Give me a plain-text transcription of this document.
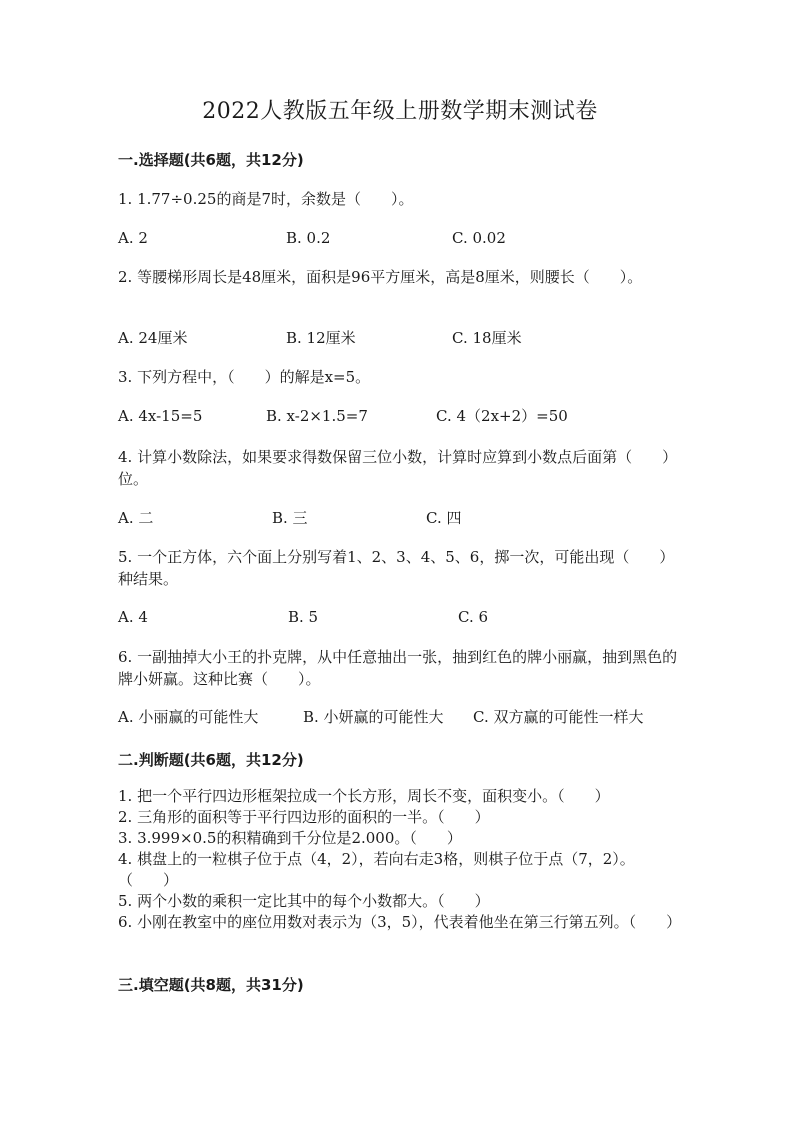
2022人教版五年级上册数学期末测试卷
一.选择题(共6题，共12分)
1. 1.77÷0.25的商是7时，余数是（　　）。
A. 2	B. 0.2	C. 0.02
2. 等腰梯形周长是48厘米，面积是96平方厘米，高是8厘米，则腰长（　　）。
A. 24厘米	B. 12厘米	C. 18厘米
3. 下列方程中，（　　）的解是x=5。
A. 4x-15=5	B. x-2×1.5=7	C. 4（2x+2）=50
4. 计算小数除法，如果要求得数保留三位小数，计算时应算到小数点后面第（　　）位。
A. 二	B. 三	C. 四
5. 一个正方体，六个面上分别写着1、2、3、4、5、6，掷一次，可能出现（　　）种结果。
A. 4	B. 5	C. 6
6. 一副抽掉大小王的扑克牌，从中任意抽出一张，抽到红色的牌小丽赢，抽到黑色的牌小妍赢。这种比赛（　　）。
A. 小丽赢的可能性大	B. 小妍赢的可能性大 C. 双方赢的可能性一样大
二.判断题(共6题，共12分)
1. 把一个平行四边形框架拉成一个长方形，周长不变，面积变小。（　　）
2. 三角形的面积等于平行四边形的面积的一半。（　　）
3. 3.999×0.5的积精确到千分位是2.000。（　　）
4. 棋盘上的一粒棋子位于点（4，2），若向右走3格，则棋子位于点（7，2）。（　　）
5. 两个小数的乘积一定比其中的每个小数都大。（　　）
6. 小刚在教室中的座位用数对表示为（3，5），代表着他坐在第三行第五列。（　　）
三.填空题(共8题，共31分)
